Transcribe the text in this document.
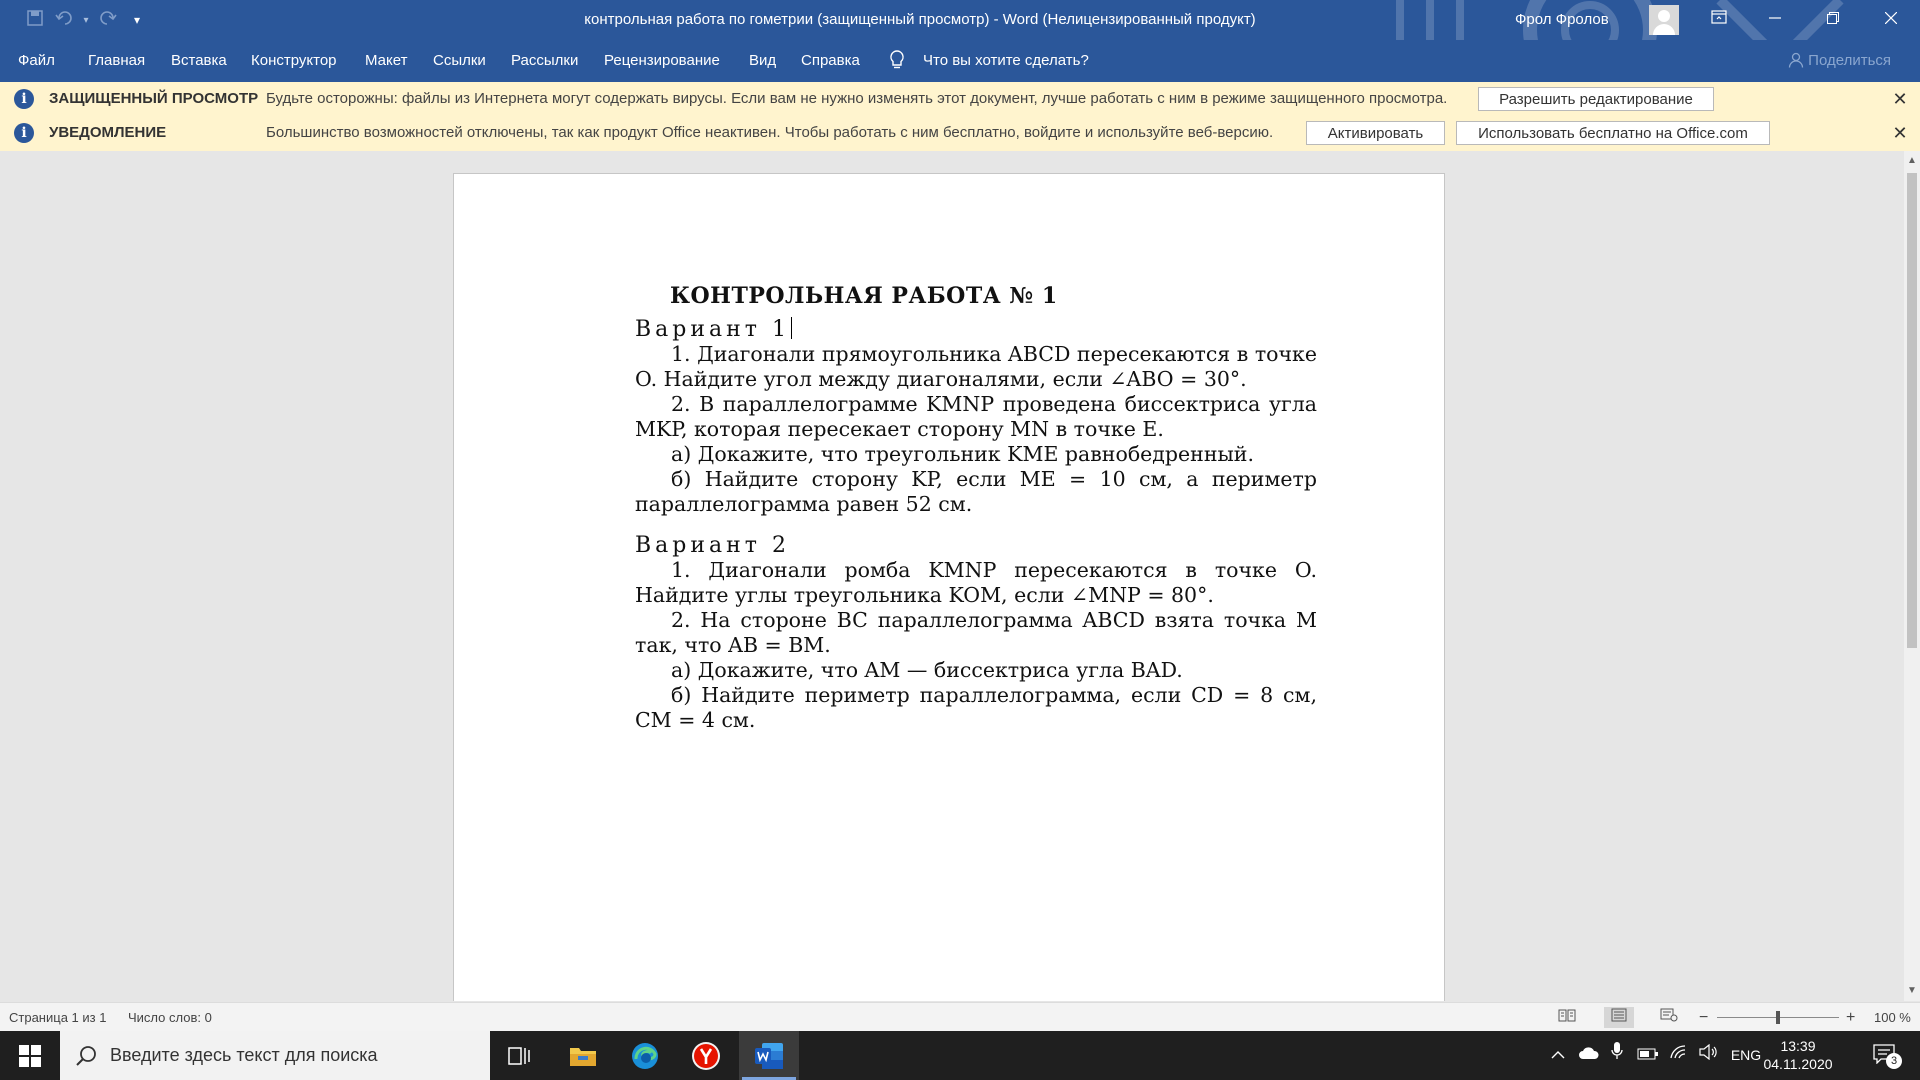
▾	▾	контрольная работа по гометрии (защищенный просмотр) - Word (Нелицензированный продукт)	Фрол Фролов
Файл Главная Вставка Конструктор Макет Ссылки Рассылки Рецензирование Вид Справка	Что вы хотите сделать?	Поделиться
i	ЗАЩИЩЕННЫЙ ПРОСМОТР Будьте осторожны: файлы из Интернета могут содержать вирусы. Если вам не нужно изменять этот документ, лучше работать с ним в режиме защищенного просмотра.	Разрешить редактирование	✕
i	УВЕДОМЛЕНИЕ	Большинство возможностей отключены, так как продукт Office неактивен. Чтобы работать с ним бесплатно, войдите и используйте веб-версию.	Активировать	Использовать бесплатно на Office.com	✕
КОНТРОЛЬНАЯ РАБОТА № 1
Вариант 1
1. Диагонали прямоугольника ABCD пересекаются в точке O. Найдите угол между диагоналями, если ∠ABO = 30°.
2. В параллелограмме KMNP проведена биссектриса угла MKP, которая пересекает сторону MN в точке E.
а) Докажите, что треугольник KME равнобедренный.
б) Найдите сторону KP, если ME = 10 см, а периметр параллелограмма равен 52 см.
Вариант 2
1. Диагонали ромба KMNP пересекаются в точке O. Найдите углы треугольника KOM, если ∠MNP = 80°.
2. На стороне BC параллелограмма ABCD взята точка M так, что AB = BM.
а) Докажите, что AM — биссектриса угла BAD.
б) Найдите периметр параллелограмма, если CD = 8 см, CM = 4 см.
▲
▼
Страница 1 из 1 Число слов: 0	−	+ 100 %
Введите здесь текст для поиска	ENG
13:39
04.11.2020	3
